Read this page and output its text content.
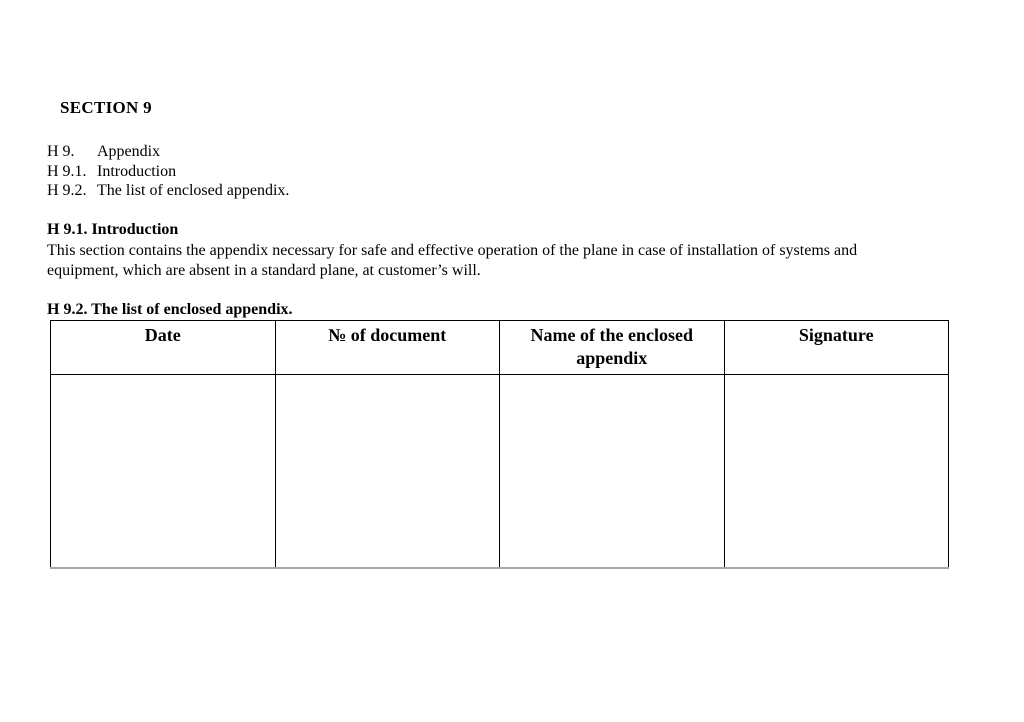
SECTION 9
H 9.	Appendix
H 9.1. Introduction
H 9.2. The list of enclosed appendix.
H 9.1. Introduction
This section contains the appendix necessary for safe and effective operation of the plane in case of installation of systems and equipment, which are absent in a standard plane, at customer’s will.
H 9.2. The list of enclosed appendix.
Date	№ of document	Name of the enclosed appendix	Signature
